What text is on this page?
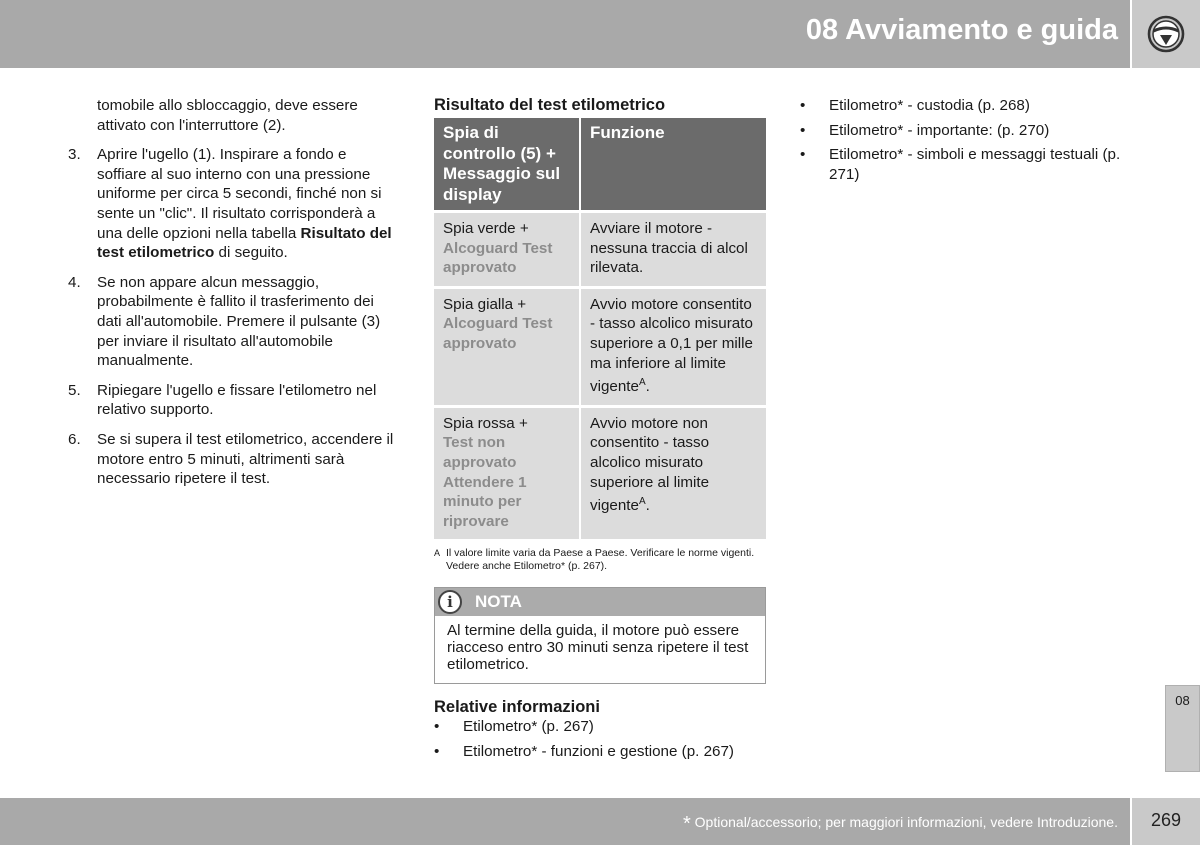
08 Avviamento e guida

tomobile allo sbloccaggio, deve essere attivato con l'interruttore (2).

3.	Aprire l'ugello (1). Inspirare a fondo e soffiare al suo interno con una pressione uniforme per circa 5 secondi, finché non si sente un "clic". Il risultato corrisponderà a una delle opzioni nella tabella Risultato del test etilometrico di seguito.
4.	Se non appare alcun messaggio, probabilmente è fallito il trasferimento dei dati all'automobile. Premere il pulsante (3) per inviare il risultato all'automobile manualmente.
5.	Ripiegare l'ugello e fissare l'etilometro nel relativo supporto.
6.	Se si supera il test etilometrico, accendere il motore entro 5 minuti, altrimenti sarà necessario ripetere il test.
Risultato del test etilometrico
Spia di controllo (5) + Messaggio sul display	Funzione
Spia verde +
Alcoguard Test approvato	Avviare il motore - nessuna traccia di alcol rilevata.
Spia gialla +
Alcoguard Test approvato	Avvio motore consentito - tasso alcolico misurato superiore a 0,1 per mille ma inferiore al limite vigente$^A$.
Spia rossa +
Test non approvato Attendere 1 minuto per riprovare	Avvio motore non consentito - tasso alcolico misurato superiore al limite vigente$^A$.
A Il valore limite varia da Paese a Paese. Verificare le norme vigenti. Vedere anche Etilometro* (p. 267).
i	NOTA
Al termine della guida, il motore può essere riacceso entro 30 minuti senza ripetere il test etilometrico.
Relative informazioni
•	Etilometro* (p. 267)
•	Etilometro* - funzioni e gestione (p. 267)
•	Etilometro* - custodia (p. 268)
•	Etilometro* - importante: (p. 270)
•	Etilometro* - simboli e messaggi testuali (p. 271)
08
* Optional/accessorio; per maggiori informazioni, vedere Introduzione.	269
